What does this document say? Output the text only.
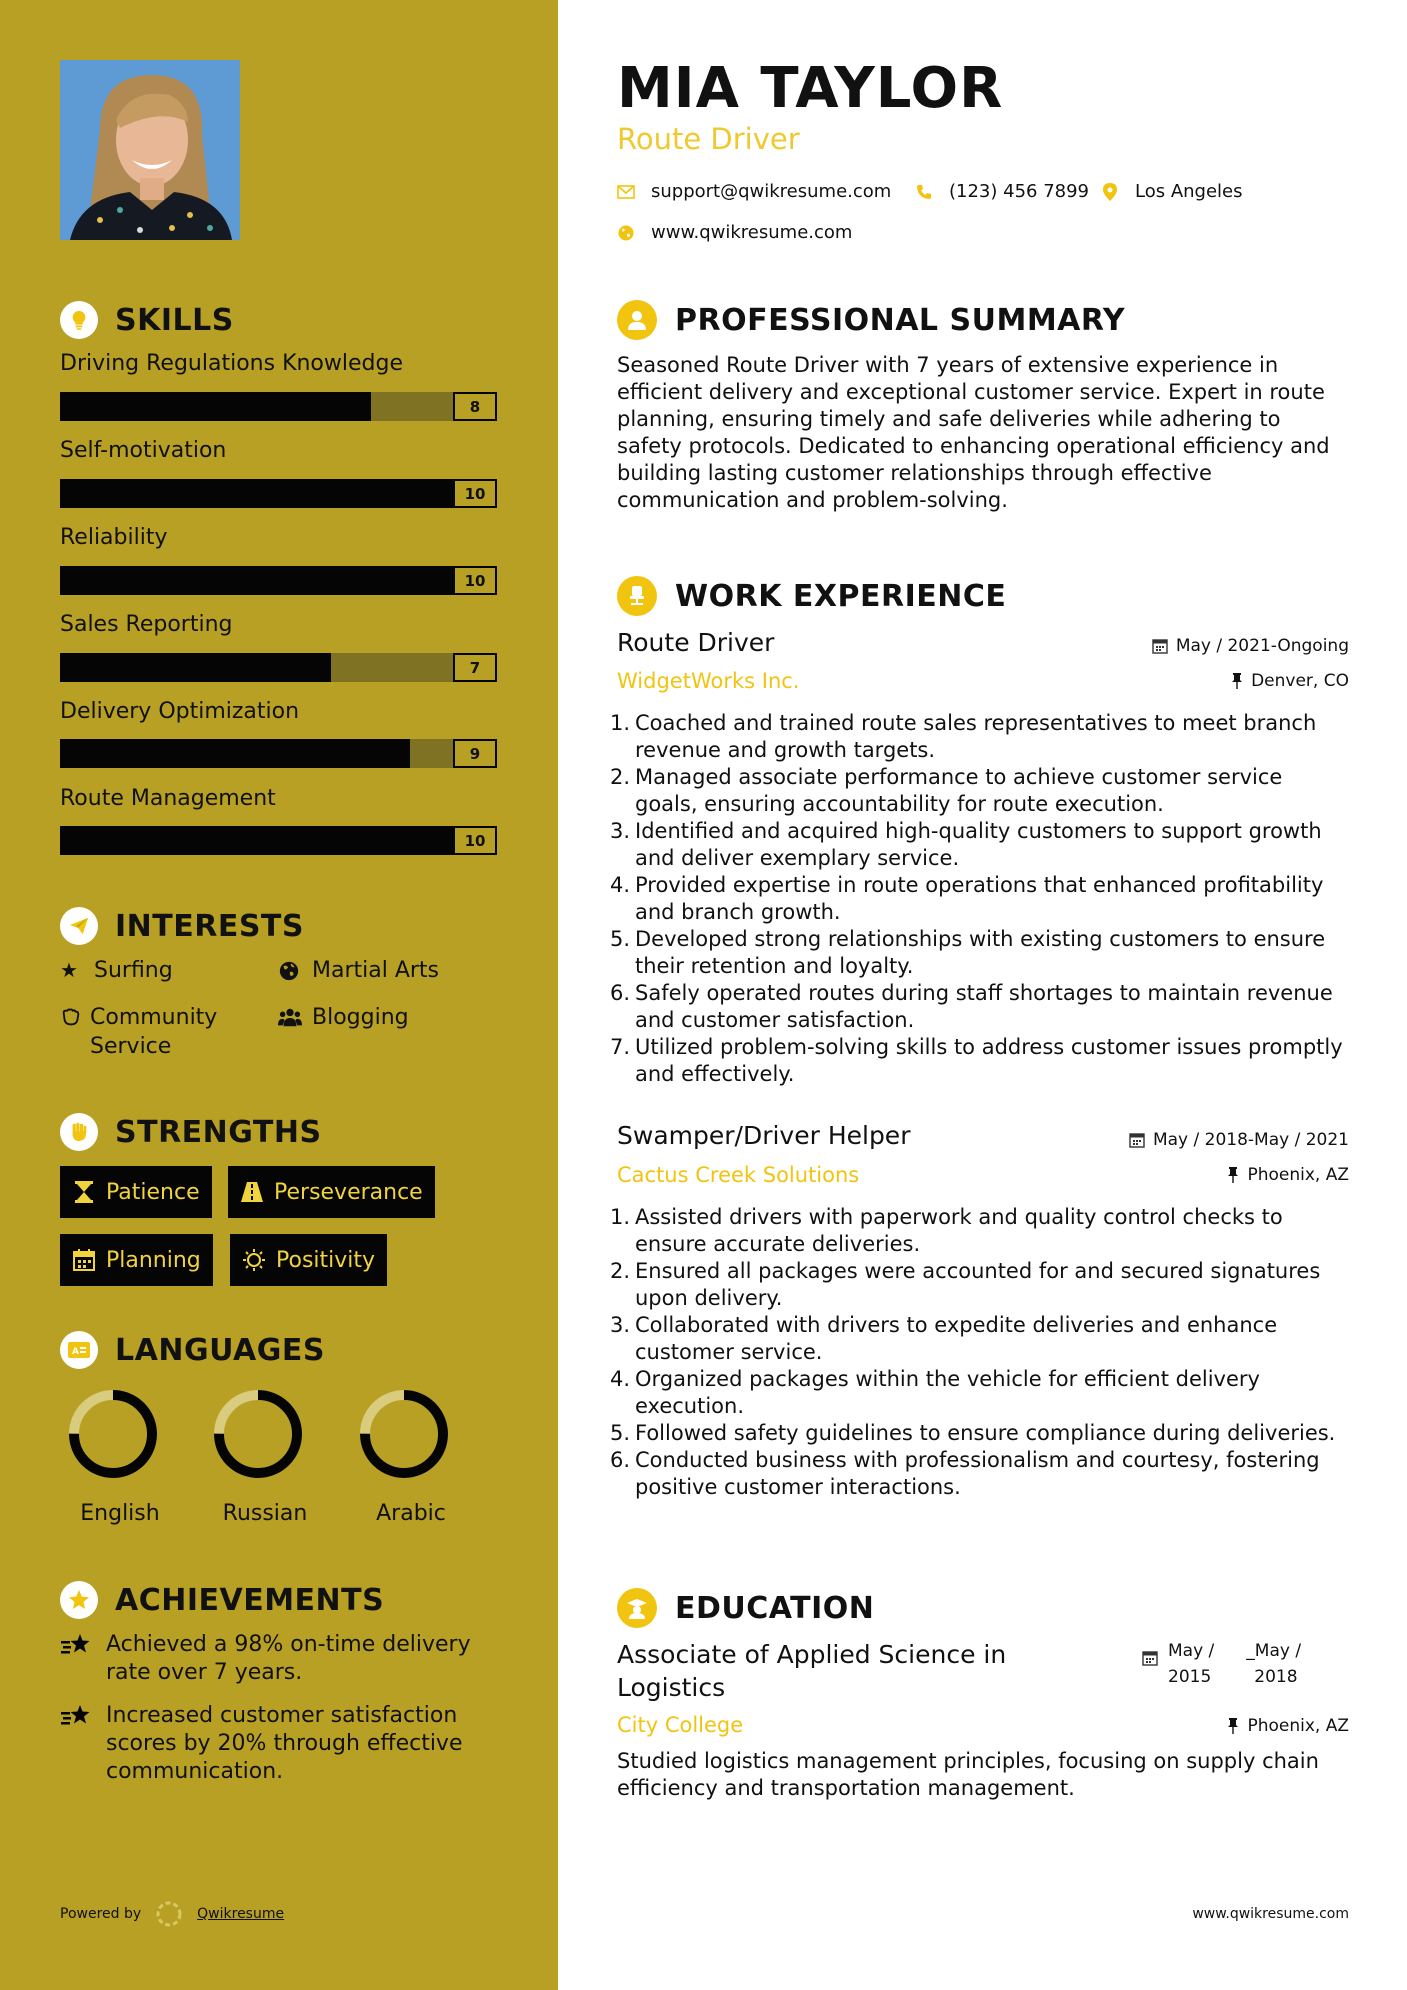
SKILLS
Driving Regulations Knowledge
8
Self-motivation
10
Reliability
10
Sales Reporting
7
Delivery Optimization
9
Route Management
10
INTERESTS
★ Surfing	Martial Arts
Community Service
Blogging
STRENGTHS
Patience	Perseverance
Planning	Positivity
A LANGUAGES
English	Russian	Arabic
ACHIEVEMENTS
Achieved a 98% on-time delivery rate over 7 years.
Increased customer satisfaction scores by 20% through effective communication.
Powered by	Qwikresume
MIA TAYLOR
Route Driver
support@qwikresume.com	(123) 456 7899	Los Angeles
www.qwikresume.com
PROFESSIONAL SUMMARY
Seasoned Route Driver with 7 years of extensive experience in efficient delivery and exceptional customer service. Expert in route planning, ensuring timely and safe deliveries while adhering to safety protocols. Dedicated to enhancing operational efficiency and building lasting customer relationships through effective communication and problem-solving.
WORK EXPERIENCE
Route Driver
WidgetWorks Inc.
May / 2021-Ongoing
Denver, CO
1. Coached and trained route sales representatives to meet branch revenue and growth targets.
2. Managed associate performance to achieve customer service goals, ensuring accountability for route execution.
3. Identified and acquired high-quality customers to support growth and deliver exemplary service.
4. Provided expertise in route operations that enhanced profitability and branch growth.
5. Developed strong relationships with existing customers to ensure their retention and loyalty.
6. Safely operated routes during staff shortages to maintain revenue and customer satisfaction.
7. Utilized problem-solving skills to address customer issues promptly and effectively.
Swamper/Driver Helper
Cactus Creek Solutions
May / 2018-May / 2021
Phoenix, AZ
1. Assisted drivers with paperwork and quality control checks to ensure accurate deliveries.
2. Ensured all packages were accounted for and secured signatures upon delivery.
3. Collaborated with drivers to expedite deliveries and enhance customer service.
4. Organized packages within the vehicle for efficient delivery execution.
5. Followed safety guidelines to ensure compliance during deliveries.
6. Conducted business with professionalism and courtesy, fostering positive customer interactions.
EDUCATION
Associate of Applied Science in Logistics
City College
May /
2015
_May /
2018
Phoenix, AZ
Studied logistics management principles, focusing on supply chain efficiency and transportation management.
www.qwikresume.com
